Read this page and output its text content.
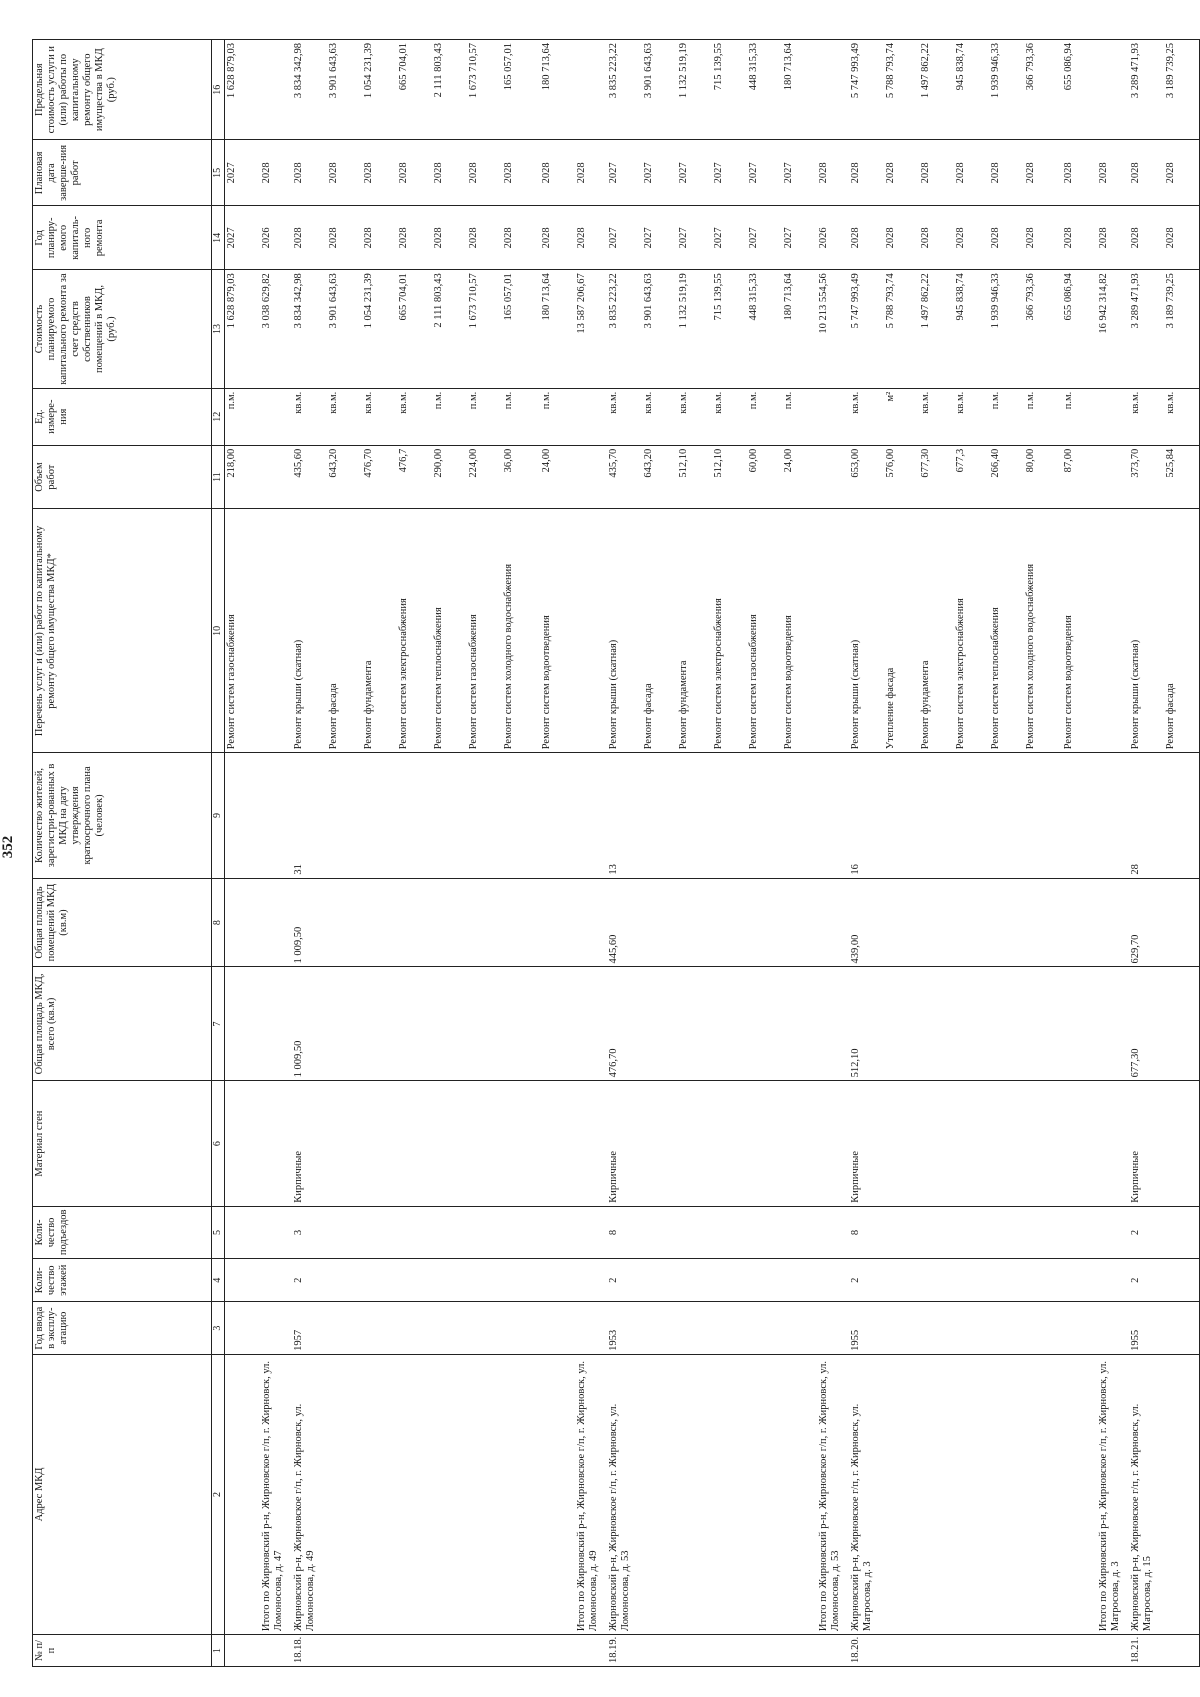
352
№ п/п	Адрес МКД	Год ввода в эксплу-атацию	Коли-чество этажей	Коли-чество подъездов	Материал стен	Общая площадь МКД, всего (кв.м)	Общая площадь помещений МКД (кв.м)	Количество жителей, зарегистри-рованных в МКД на дату утверждения краткосрочного плана (человек)	Перечень услуг и (или) работ по капитальному ремонту общего имущества МКД*	Объем работ	Ед. измере-ния	Стоимость планируемого капитального ремонта за счет средств собственников помещений в МКД, (руб.)	Год планиру-емого капиталь-ного ремонта	Плановая дата заверше-ния работ	Предельная стоимость услуги и (или) работы по капитальному ремонту общего имущества в МКД (руб.)
1	2	3	4	5	6	7	8	9	10	11	12	13	14	15	16
									Ремонт систем газоснабжения	218,00	п.м.	1 628 879,03	2027	2027	1 628 879,03
	Итого по Жирновский р-н, Жирновское г/п, г. Жирновск, ул. Ломоносова, д. 47											3 038 629,82	2026	2028	
18.18.	Жирновский р-н, Жирновское г/п, г. Жирновск, ул. Ломоносова, д. 49	1957	2	3	Кирпичные	1 009,50	1 009,50	31	Ремонт крыши (скатная)	435,60	кв.м.	3 834 342,98	2028	2028	3 834 342,98
									Ремонт фасада	643,20	кв.м.	3 901 643,63	2028	2028	3 901 643,63
									Ремонт фундамента	476,70	кв.м.	1 054 231,39	2028	2028	1 054 231,39
									Ремонт систем электроснабжения	476,7	кв.м.	665 704,01	2028	2028	665 704,01
									Ремонт систем теплоснабжения	290,00	п.м.	2 111 803,43	2028	2028	2 111 803,43
									Ремонт систем газоснабжения	224,00	п.м.	1 673 710,57	2028	2028	1 673 710,57
									Ремонт систем холодного водоснабжения	36,00	п.м.	165 057,01	2028	2028	165 057,01
									Ремонт систем водоотведения	24,00	п.м.	180 713,64	2028	2028	180 713,64
	Итого по Жирновский р-н, Жирновское г/п, г. Жирновск, ул. Ломоносова, д. 49											13 587 206,67	2028	2028	
18.19.	Жирновский р-н, Жирновское г/п, г. Жирновск, ул. Ломоносова, д. 53	1953	2	8	Кирпичные	476,70	445,60	13	Ремонт крыши (скатная)	435,70	кв.м.	3 835 223,22	2027	2027	3 835 223,22
									Ремонт фасада	643,20	кв.м.	3 901 643,63	2027	2027	3 901 643,63
									Ремонт фундамента	512,10	кв.м.	1 132 519,19	2027	2027	1 132 519,19
									Ремонт систем электроснабжения	512,10	кв.м.	715 139,55	2027	2027	715 139,55
									Ремонт систем газоснабжения	60,00	п.м.	448 315,33	2027	2027	448 315,33
									Ремонт систем водоотведения	24,00	п.м.	180 713,64	2027	2027	180 713,64
	Итого по Жирновский р-н, Жирновское г/п, г. Жирновск, ул. Ломоносова, д. 53											10 213 554,56	2026	2028	
18.20.	Жирновский р-н, Жирновское г/п, г. Жирновск, ул. Матросова, д. 3	1955	2	8	Кирпичные	512,10	439,00	16	Ремонт крыши (скатная)	653,00	кв.м.	5 747 993,49	2028	2028	5 747 993,49
									Утепление фасада	576,00	м²	5 788 793,74	2028	2028	5 788 793,74
									Ремонт фундамента	677,30	кв.м.	1 497 862,22	2028	2028	1 497 862,22
									Ремонт систем электроснабжения	677,3	кв.м.	945 838,74	2028	2028	945 838,74
									Ремонт систем теплоснабжения	266,40	п.м.	1 939 946,33	2028	2028	1 939 946,33
									Ремонт систем холодного водоснабжения	80,00	п.м.	366 793,36	2028	2028	366 793,36
									Ремонт систем водоотведения	87,00	п.м.	655 086,94	2028	2028	655 086,94
	Итого по Жирновский р-н, Жирновское г/п, г. Жирновск, ул. Матросова, д. 3											16 942 314,82	2028	2028	
18.21.	Жирновский р-н, Жирновское г/п, г. Жирновск, ул. Матросова, д. 15	1955	2	2	Кирпичные	677,30	629,70	28	Ремонт крыши (скатная)	373,70	кв.м.	3 289 471,93	2028	2028	3 289 471,93
									Ремонт фасада	525,84	кв.м.	3 189 739,25	2028	2028	3 189 739,25
